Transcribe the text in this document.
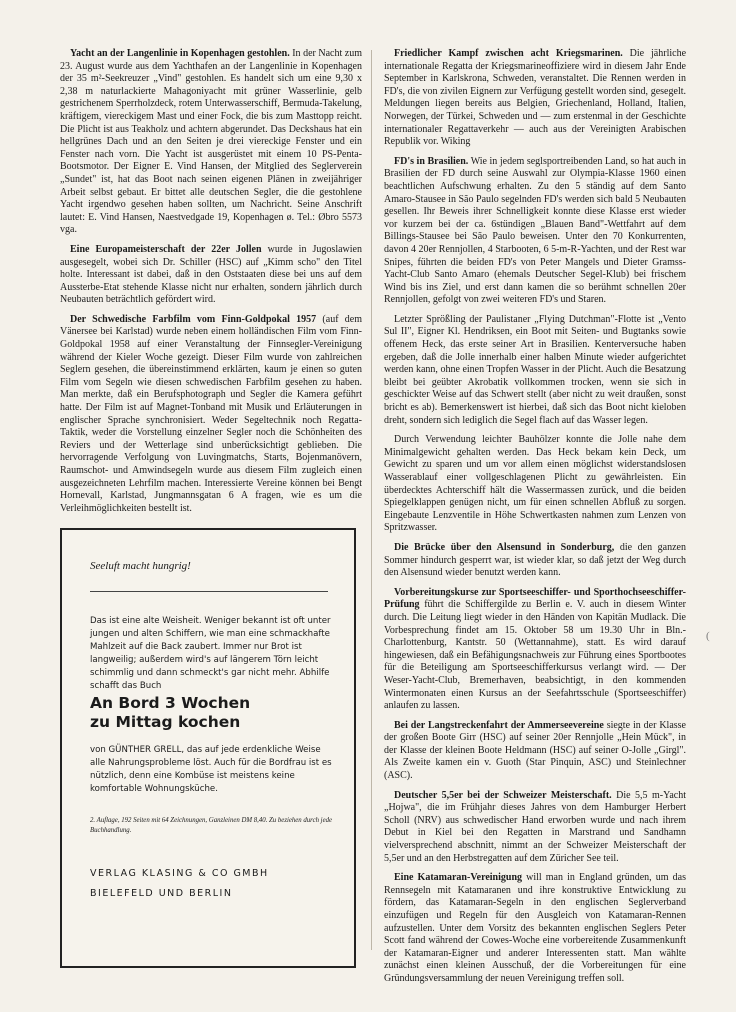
Yacht an der Langenlinie in Kopenhagen gestohlen. In der Nacht zum 23. August wurde aus dem Yachthafen an der Langenlinie in Kopenhagen der 35 m²-Seekreuzer „Vind" gestohlen. Es handelt sich um eine 9,30 x 2,38 m naturlackierte Mahagoniyacht mit grüner Wasserlinie, gelb gestrichenem Sperrholzdeck, rotem Unterwasserschiff, Bermuda-Takelung, kräftigem, viereckigem Mast und einer Fock, die bis zum Masttopp reicht. Die Plicht ist aus Teakholz und achtern abgerundet. Das Deckshaus hat ein hellgrünes Dach und an den Seiten je drei viereckige Fenster und ein Fenster nach vorn. Die Yacht ist ausgerüstet mit einem 10 PS-Penta-Bootsmotor. Der Eigner E. Vind Hansen, der Mitglied des Seglerverein „Sundet" ist, hat das Boot nach seinen eigenen Plänen in zweijähriger Arbeit selbst gebaut. Er bittet alle deutschen Segler, die die gestohlene Yacht irgendwo gesehen haben sollten, um Nachricht. Seine Anschrift lautet: E. Vind Hansen, Naestvedgade 19, Kopenhagen ø. Tel.: Øbro 5573 vga.

Eine Europameisterschaft der 22er Jollen wurde in Jugoslawien ausgesegelt, wobei sich Dr. Schiller (HSC) auf „Kimm scho" den Titel holte. Interessant ist dabei, daß in den Oststaaten diese bei uns auf dem Aussterbe-Etat stehende Klasse nicht nur erhalten, sondern jährlich durch Neubauten beträchtlich gefördert wird.

Der Schwedische Farbfilm vom Finn-Goldpokal 1957 (auf dem Vänersee bei Karlstad) wurde neben einem holländischen Film vom Finn-Goldpokal 1958 auf einer Veranstaltung der Finnsegler-Vereinigung während der Kieler Woche gezeigt. Dieser Film wurde von zahlreichen Seglern gesehen, die übereinstimmend erklärten, kaum je einen so guten Film vom Segeln wie diesen schwedischen Farbfilm gesehen zu haben. Man merkte, daß ein Berufsphotograph und Segler die Kamera geführt hatte. Der Film ist auf Magnet-Tonband mit Musik und Erläuterungen in englischer Sprache synchronisiert. Weder Segeltechnik noch Regatta-Taktik, weder die Vorstellung einzelner Segler noch die Schönheiten des Reviers und der Wetterlage sind unberücksichtigt geblieben. Die hervorragende Verfolgung von Luvingmatchs, Starts, Bojenmanövern, Raumschot- und Amwindsegeln wurde aus diesem Film zugleich einen ausgezeichneten Lehrfilm machen. Interessierte Vereine können bei Bengt Hornevall, Karlstad, Jungmannsgatan 6 A fragen, wie es um die Verleihmöglichkeiten bestellt ist.

Seeluft macht hungrig!
Das ist eine alte Weisheit. Weniger bekannt ist oft unter jungen und alten Schiffern, wie man eine schmackhafte Mahlzeit auf die Back zaubert. Immer nur Brot ist langweilig; außerdem wird's auf längerem Törn leicht schimmlig und dann schmeckt's gar nicht mehr. Abhilfe schafft das Buch
An Bord 3 Wochen
zu Mittag kochen
von GÜNTHER GRELL, das auf jede erdenkliche Weise alle Nahrungsprobleme löst. Auch für die Bordfrau ist es nützlich, denn eine Kombüse ist meistens keine komfortable Wohnungsküche.
2. Auflage, 192 Seiten mit 64 Zeichnungen, Ganzleinen DM 8,40. Zu beziehen durch jede Buchhandlung.
VERLAG KLASING & CO GMBH
BIELEFELD UND BERLIN

Friedlicher Kampf zwischen acht Kriegsmarinen. Die jährliche internationale Regatta der Kriegsmarineoffiziere wird in diesem Jahr Ende September in Karlskrona, Schweden, veranstaltet. Die Rennen werden in FD's, die von zivilen Eignern zur Verfügung gestellt worden sind, gesegelt. Meldungen liegen bereits aus Belgien, Griechenland, Holland, Italien, Norwegen, der Türkei, Schweden und — zum erstenmal in der Geschichte internationaler Regattaverkehr — auch aus der Vereinigten Arabischen Republik vor. Wiking

FD's in Brasilien. Wie in jedem seglsportreibenden Land, so hat auch in Brasilien der FD durch seine Auswahl zur Olympia-Klasse 1960 einen beachtlichen Aufschwung erhalten. Zu den 5 ständig auf dem Santo Amaro-Stausee in São Paulo segelnden FD's werden sich bald 5 Neubauten gesellen. Ihr Beweis ihrer Schnelligkeit konnte diese Klasse erst wieder vor kurzem bei der ca. 6stündigen „Blauen Band"-Wettfahrt auf dem Billings-Stausee bei São Paulo beweisen. Unter den 70 Konkurrenten, davon 4 20er Rennjollen, 4 Starbooten, 6 5-m-R-Yachten, und der Rest war Snipes, führten die beiden FD's von Peter Mangels und Dieter Gramss-Yacht-Club Santo Amaro (ehemals Deutscher Segel-Klub) bei frischem Wind bis ins Ziel, und erst dann kamen die so berühmt schnellen 20er Rennjollen, gefolgt von zwei weiteren FD's und Staren.

Letzter Sprößling der Paulistaner „Flying Dutchman"-Flotte ist „Vento Sul II", Eigner Kl. Hendriksen, ein Boot mit Seiten- und Bugtanks sowie offenem Heck, das erste seiner Art in Brasilien. Kenterversuche haben ergeben, daß die Jolle innerhalb einer halben Minute wieder aufgerichtet werden kann, ohne einen Tropfen Wasser in der Plicht. Auch die Besatzung bleibt bei geübter Akrobatik vollkommen trocken, wenn sie sich in geschickter Weise auf das Schwert stellt (aber nicht zu weit draußen, sonst bricht es ab). Bemerkenswert ist hierbei, daß sich das Boot nicht kieloben dreht, sondern sich lediglich die Segel flach auf das Wasser legen.

Durch Verwendung leichter Bauhölzer konnte die Jolle nahe dem Minimalgewicht gehalten werden. Das Heck bekam kein Deck, um Gewicht zu sparen und um vor allem einen möglichst widerstandslosen Wasserablauf einer vollgeschlagenen Plicht zu gewährleisten. Ein überdecktes Achterschiff hält die Wassermassen zurück, und die beiden Spiegelklappen genügen nicht, um für einen schnellen Abfluß zu sorgen. Eingebaute Lenzventile in Höhe Schwertkasten nahmen zum Lenzen von Spritzwasser.

Die Brücke über den Alsensund in Sonderburg, die den ganzen Sommer hindurch gesperrt war, ist wieder klar, so daß jetzt der Weg durch den Alsensund wieder benutzt werden kann.

Vorbereitungskurse zur Sportseeschiffer- und Sporthochseeschiffer-Prüfung führt die Schiffergilde zu Berlin e. V. auch in diesem Winter durch. Die Leitung liegt wieder in den Händen von Kapitän Mudlack. Die Vorbesprechung findet am 15. Oktober 58 um 19.30 Uhr in Bln.-Charlottenburg, Kantstr. 50 (Wettannahme), statt. Es wird darauf hingewiesen, daß ein Befähigungsnachweis zur Führung eines Sportbootes für die Beteiligung am Sportseeschifferkursus verlangt wird. — Der Weser-Yacht-Club, Bremerhaven, beabsichtigt, in den kommenden Wintermonaten einen Kursus an der Seefahrtsschule (Sportseeschiffer) anlaufen zu lassen.

Bei der Langstreckenfahrt der Ammerseevereine siegte in der Klasse der großen Boote Girr (HSC) auf seiner 20er Rennjolle „Hein Mück", in der Klasse der kleinen Boote Heldmann (HSC) auf seiner O-Jolle „Girgl". Als Zweite kamen ein v. Guoth (Star Pinquin, ASC) und Steinlechner (ASC).

Deutscher 5,5er bei der Schweizer Meisterschaft. Die 5,5 m-Yacht „Hojwa", die im Frühjahr dieses Jahres von dem Hamburger Herbert Scholl (NRV) aus schwedischer Hand erworben wurde und nach ihrem Debut in Kiel bei den Regatten in Marstrand und Sandhamn vielversprechend abschnitt, nimmt an der Schweizer Meisterschaft der 5,5er und an den Herbstregatten auf dem Züricher See teil.

Eine Katamaran-Vereinigung will man in England gründen, um das Rennsegeln mit Katamaranen und ihre konstruktive Entwicklung zu fördern, das Katamaran-Segeln in den englischen Seglerverband einzufügen und Regeln für den Ausgleich von Katamaran-Rennen aufzustellen. Unter dem Vorsitz des bekannten englischen Seglers Peter Scott fand während der Cowes-Woche eine vorbereitende Zusammenkunft der Katamaran-Eigner und anderer Interessenten statt. Man wählte zunächst einen kleinen Ausschuß, der die Vorbereitungen für eine Gründungsversammlung der neuen Vereinigung treffen soll.

(
